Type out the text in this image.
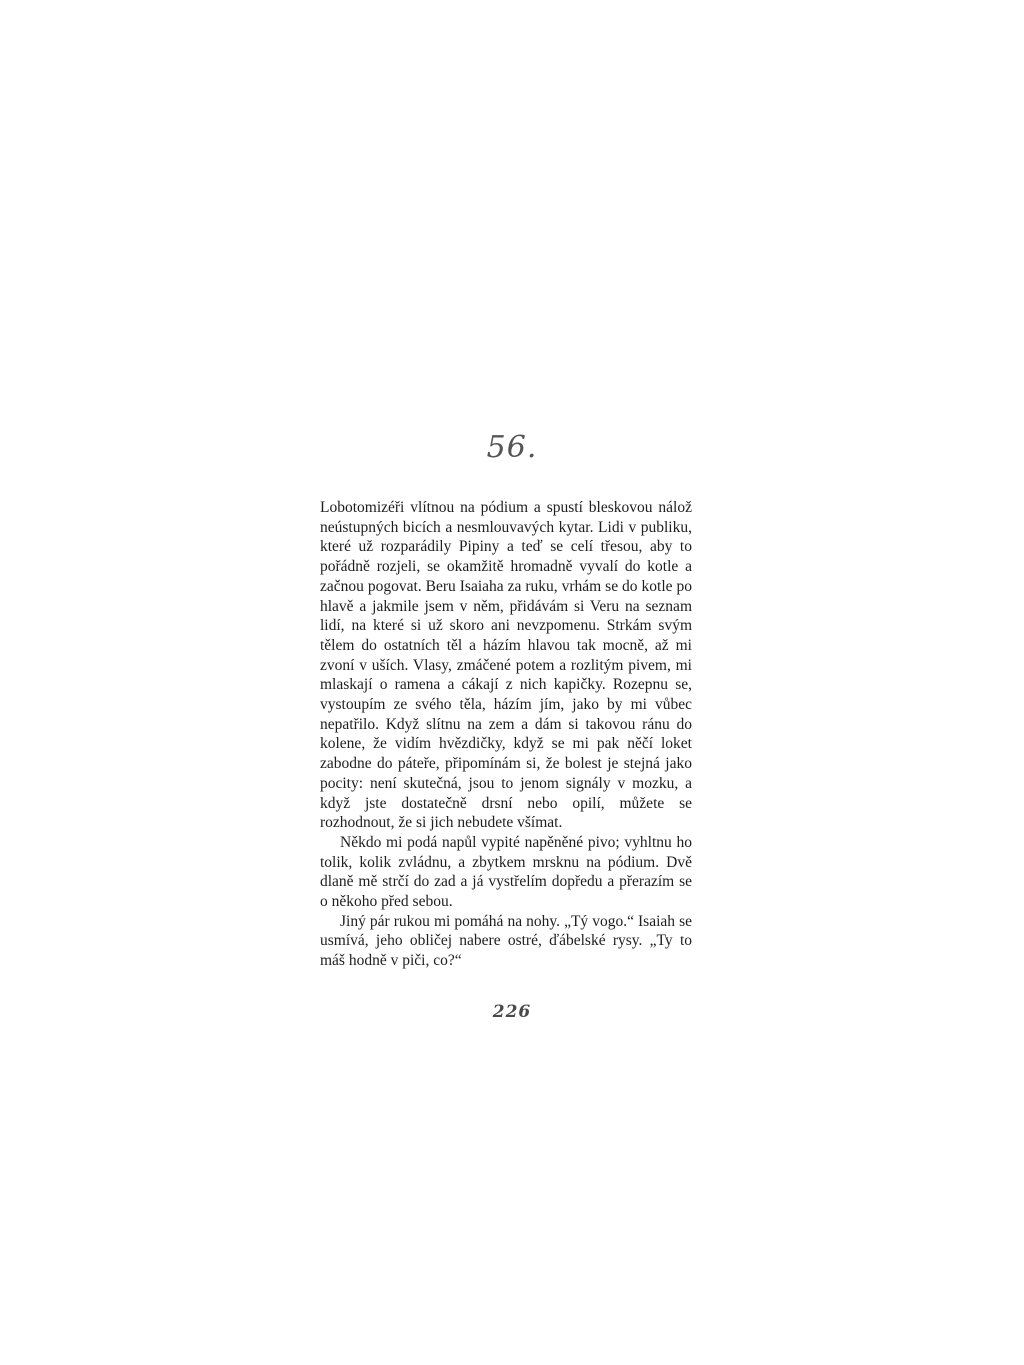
56.

Lobotomizéři vlítnou na pódium a spustí bleskovou nálož neústupných bicích a nesmlouvavých kytar. Lidi v publiku, které už rozparádily Pipiny a teď se celí třesou, aby to pořádně rozjeli, se okamžitě hromadně vyvalí do kotle a začnou pogovat. Beru Isaiaha za ruku, vrhám se do kotle po hlavě a jakmile jsem v něm, přidávám si Veru na seznam lidí, na které si už skoro ani nevzpomenu. Strkám svým tělem do ostatních těl a házím hlavou tak mocně, až mi zvoní v uších. Vlasy, zmáčené potem a rozlitým pivem, mi mlaskají o ramena a cákají z nich kapičky. Rozepnu se, vystoupím ze svého těla, házím jím, jako by mi vůbec nepatřilo. Když slítnu na zem a dám si takovou ránu do kolene, že vidím hvězdičky, když se mi pak něčí loket zabodne do páteře, připomínám si, že bolest je stejná jako pocity: není skutečná, jsou to jenom signály v mozku, a když jste dostatečně drsní nebo opilí, můžete se rozhodnout, že si jich nebudete všímat.

Někdo mi podá napůl vypité napěněné pivo; vyhltnu ho tolik, kolik zvládnu, a zbytkem mrsknu na pódium. Dvě dlaně mě strčí do zad a já vystřelím dopředu a přerazím se o někoho před sebou.

Jiný pár rukou mi pomáhá na nohy. „Tý vogo.“ Isaiah se usmívá, jeho obličej nabere ostré, ďábelské rysy. „Ty to máš hodně v piči, co?“

226
